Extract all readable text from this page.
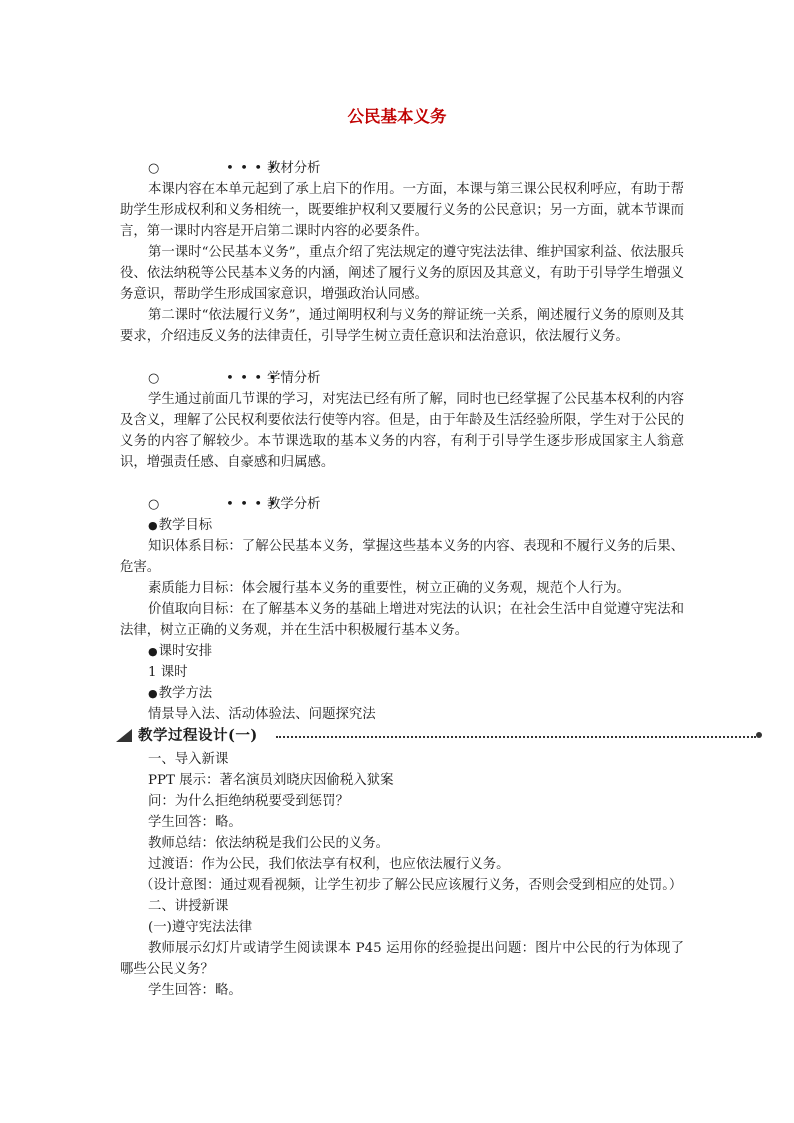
公民基本义务
○	• • • •
教材分析

本课内容在本单元起到了承上启下的作用。一方面，本课与第三课公民权利呼应，有助于帮助学生形成权利和义务相统一，既要维护权利又要履行义务的公民意识；另一方面，就本节课而言，第一课时内容是开启第二课时内容的必要条件。

第一课时“公民基本义务”，重点介绍了宪法规定的遵守宪法法律、维护国家利益、依法服兵役、依法纳税等公民基本义务的内涵，阐述了履行义务的原因及其意义，有助于引导学生增强义务意识，帮助学生形成国家意识，增强政治认同感。

第二课时“依法履行义务”，通过阐明权利与义务的辩证统一关系，阐述履行义务的原则及其要求，介绍违反义务的法律责任，引导学生树立责任意识和法治意识，依法履行义务。

○	• • • •
学情分析

学生通过前面几节课的学习，对宪法已经有所了解，同时也已经掌握了公民基本权利的内容及含义，理解了公民权利要依法行使等内容。但是，由于年龄及生活经验所限，学生对于公民的义务的内容了解较少。本节课选取的基本义务的内容，有利于引导学生逐步形成国家主人翁意识，增强责任感、自豪感和归属感。

○	• • • •
教学分析
●教学目标

知识体系目标：了解公民基本义务，掌握这些基本义务的内容、表现和不履行义务的后果、危害。

素质能力目标：体会履行基本义务的重要性，树立正确的义务观，规范个人行为。

价值取向目标：在了解基本义务的基础上增进对宪法的认识；在社会生活中自觉遵守宪法和法律，树立正确的义务观，并在生活中积极履行基本义务。

●课时安排

1 课时

●教学方法

情景导入法、活动体验法、问题探究法

教学过程设计(一)

一、导入新课

PPT 展示：著名演员刘晓庆因偷税入狱案

问：为什么拒绝纳税要受到惩罚？

学生回答：略。

教师总结：依法纳税是我们公民的义务。

过渡语：作为公民，我们依法享有权利，也应依法履行义务。

（设计意图：通过观看视频，让学生初步了解公民应该履行义务，否则会受到相应的处罚。）

二、讲授新课

(一)遵守宪法法律

教师展示幻灯片或请学生阅读课本 P45 运用你的经验提出问题：图片中公民的行为体现了哪些公民义务？

学生回答：略。
